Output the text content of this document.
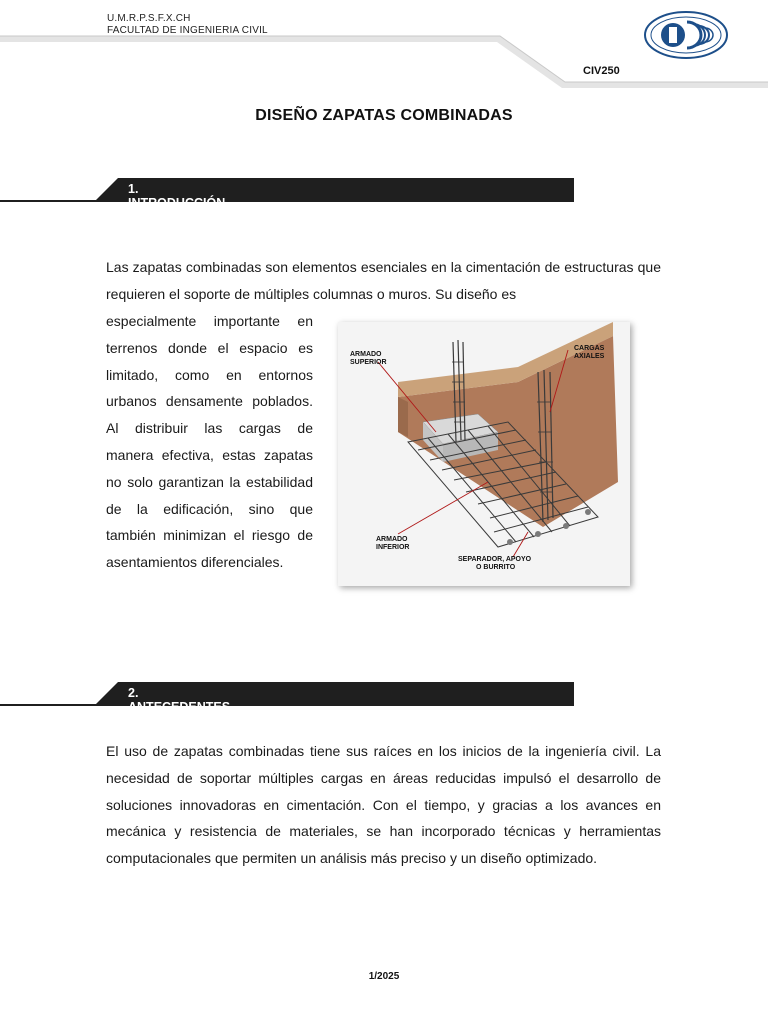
U.M.R.P.S.F.X.CH
FACULTAD DE INGENIERIA CIVIL
CIV250
DISEÑO ZAPATAS COMBINADAS
1. INTRODUCCIÓN
Las zapatas combinadas son elementos esenciales en la cimentación de estructuras que requieren el soporte de múltiples columnas o muros. Su diseño es
especialmente importante en terrenos donde el espacio es limitado, como en entornos urbanos densamente poblados. Al distribuir las cargas de manera efectiva, estas zapatas no solo garantizan la estabilidad de la edificación, sino que también minimizan el riesgo de asentamientos diferenciales.
ARMADO
SUPERIOR
CARGAS
AXIALES
ARMADO
INFERIOR
SEPARADOR, APOYO
O BURRITO
2. ANTECEDENTES
El uso de zapatas combinadas tiene sus raíces en los inicios de la ingeniería civil. La necesidad de soportar múltiples cargas en áreas reducidas impulsó el desarrollo de soluciones innovadoras en cimentación. Con el tiempo, y gracias a los avances en mecánica y resistencia de materiales, se han incorporado técnicas y herramientas computacionales que permiten un análisis más preciso y un diseño optimizado.
1/2025
